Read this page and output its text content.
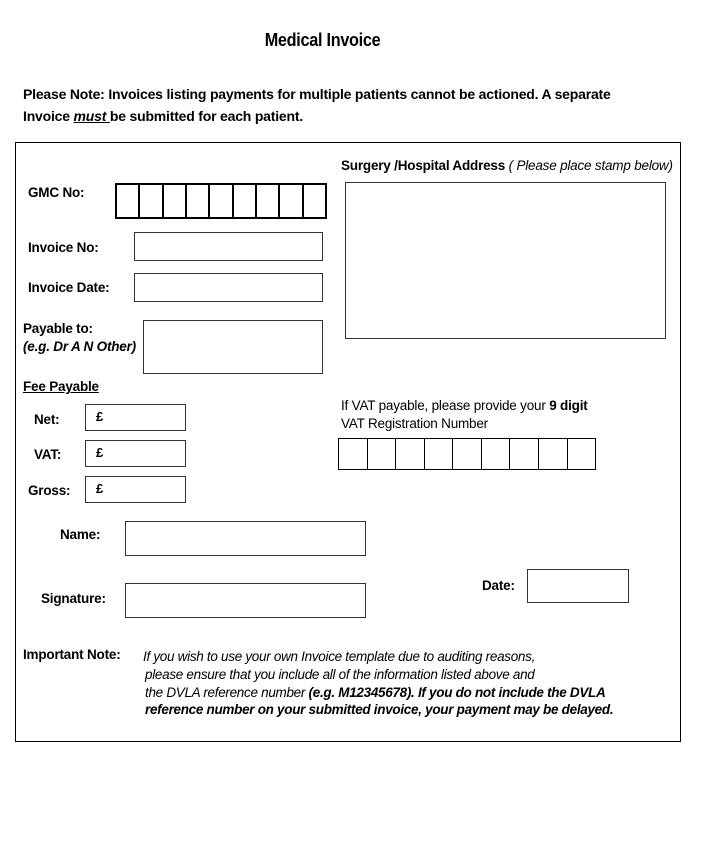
Medical Invoice
Please Note: Invoices listing payments for multiple patients cannot be actioned. A separate
Invoice must be submitted for each patient.
Surgery /Hospital Address ( Please place stamp below)
GMC No:
Invoice No:
Invoice Date:
Payable to:
(e.g. Dr A N Other)
Fee Payable
Net:	£
VAT:	£
Gross:	£
If VAT payable, please provide your 9 digit
VAT Registration Number
Name:
Signature:
Date:
Important Note: If you wish to use your own Invoice template due to auditing reasons,
please ensure that you include all of the information listed above and
the DVLA reference number (e.g. M12345678). If you do not include the DVLA
reference number on your submitted invoice, your payment may be delayed.
